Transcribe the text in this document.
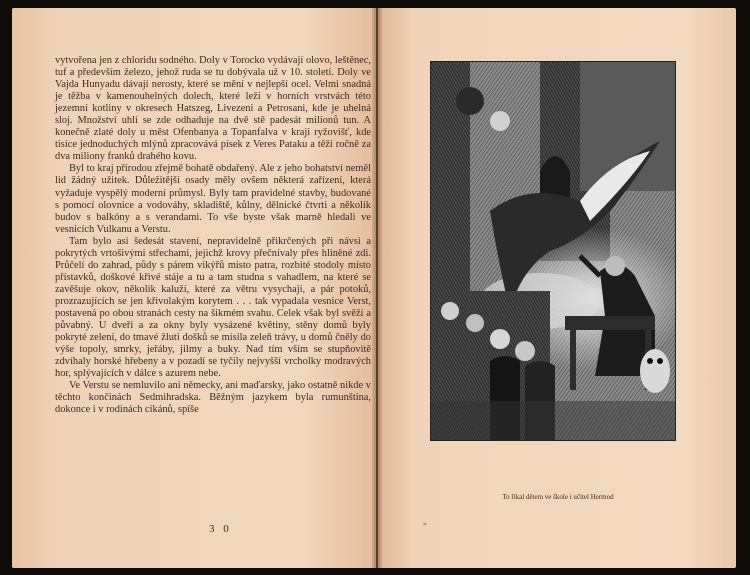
vytvořena jen z chloridu sodného. Doly v Torocko vydávají olovo, leštěnec, tuf a především železo, jehož ruda se tu dobývala už v 10. století. Doly ve Vajda Hunyadu dávají nerosty, které se mění v nejlepší ocel. Velmi snadná je těžba v kamenouhelných dolech, které leží v horních vrstvách této jezemní kotliny v okresech Hatszeg, Livezeni a Petrosani, kde je uhelná sloj. Množství uhlí se zde odhaduje na dvě stě padesát milionů tun. A konečně zlaté doly u měst Ofenbanya a Topanfalva v kraji ryžovišť, kde tisíce jednoduchých mlýnů zpracovává písek z Veres Pataku a těží ročně za dva miliony franků drahého kovu.

Byl to kraj přírodou zřejmě bohatě obdařený. Ale z jeho bohatství neměl lid žádný užitek. Důležitější osady měly ovšem některá zařízení, která vyžaduje vyspělý moderní průmysl. Byly tam pravidelné stavby, budované s pomocí olovnice a vodováhy, skladiště, kůlny, dělnické čtvrti a několik budov s balkóny a s verandami. To vše byste však marně hledali ve vesnicích Vulkanu a Verstu.

Tam bylo asi šedesát stavení, nepravidelně přikrčených při návsi a pokrytých vrtošivými střechami, jejichž krovy přečnívaly přes hliněné zdi. Průčelí do zahrad, půdy s párem vikýřů místo patra, rozbité stodoly místo přístavků, doškové křivé stáje a tu a tam studna s vahadlem, na které se zavěšuje okov, několik kaluží, které za větru vysychají, a pár potoků, prozrazujících se jen křivolakým korytem . . . tak vypadala vesnice Verst, postavená po obou stranách cesty na šikmém svahu. Celek však byl svěží a půvabný. U dveří a za okny byly vysázené květiny, stěny domů byly pokryté zelení, do tmavé žluti došků se mísila zeleň trávy, u domů čněly do výše topoly, smrky, jeřáby, jilmy a buky. Nad tím vším se stupňovitě zdvíhaly horské hřebeny a v pozadí se tyčily nejvyšší vrcholky modravých hor, splývajících v dálce s azurem nebe.

Ve Verstu se nemluvilo ani německy, ani maďarsky, jako ostatně nikde v těchto končinách Sedmihradska. Běžným jazykem byla rumunština, dokonce i v rodinách cikánů, spíše

3 0
To říkal dětem ve škole i učitel Hermod
»
